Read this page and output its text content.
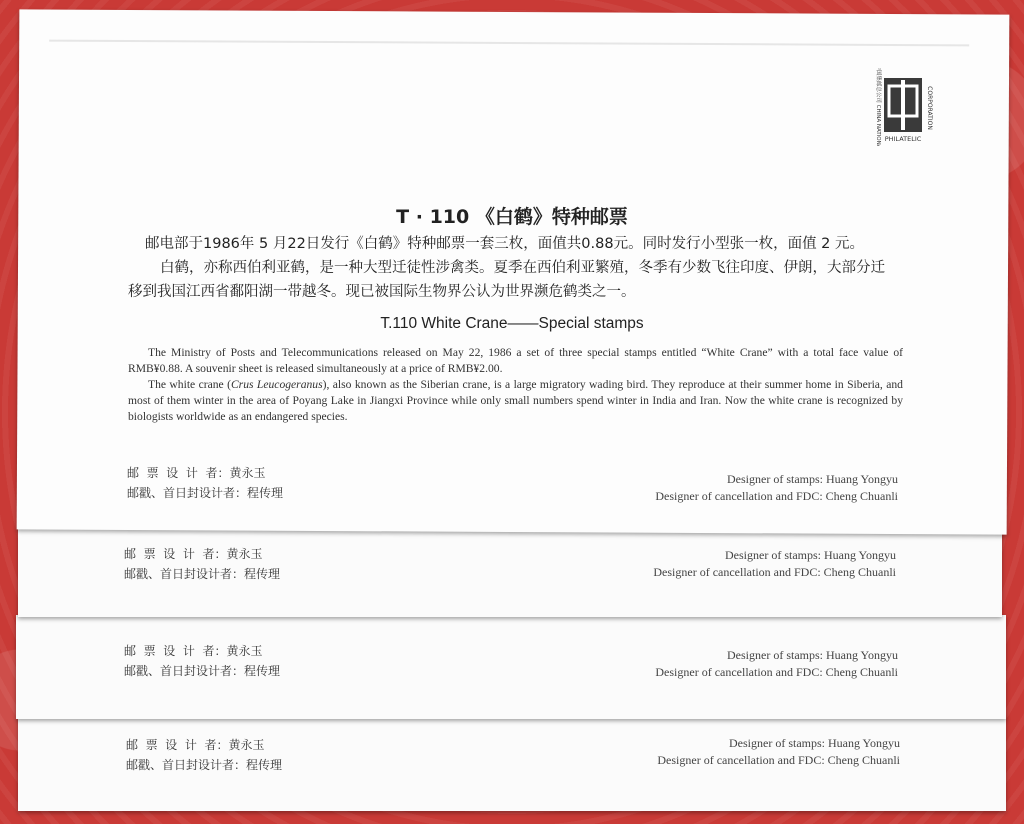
邮  票  设  计  者：黄永玉
邮戳、首日封设计者：程传理
Designer of stamps: Huang Yongyu
Designer of cancellation and FDC: Cheng Chuanli
邮  票  设  计  者：黄永玉
邮戳、首日封设计者：程传理
Designer of stamps: Huang Yongyu
Designer of cancellation and FDC: Cheng Chuanli
邮  票  设  计  者：黄永玉
邮戳、首日封设计者：程传理
Designer of stamps: Huang Yongyu
Designer of cancellation and FDC: Cheng Chuanli
中国集邮总公司 CHINA NATIONAL	CORPORATION
PHILATELIC
T · 110 《白鹤》特种邮票

邮电部于1986年 5 月22日发行《白鹤》特种邮票一套三枚，面值共0.88元。同时发行小型张一枚，面值 2 元。

白鹤，亦称西伯利亚鹤，是一种大型迁徒性涉禽类。夏季在西伯利亚繁殖，冬季有少数飞往印度、伊朗，大部分迁

移到我国江西省鄱阳湖一带越冬。现已被国际生物界公认为世界濒危鹤类之一。

T.110 White Crane——Special stamps

The Ministry of Posts and Telecommunications released on May 22, 1986 a set of three special stamps entitled “White Crane” with a total face value of RMB¥0.88. A souvenir sheet is released simultaneously at a price of RMB¥2.00.

The white crane (Crus Leucogeranus), also known as the Siberian crane, is a large migratory wading bird. They reproduce at their summer home in Siberia, and most of them winter in the area of Poyang Lake in Jiangxi Province while only small numbers spend winter in India and Iran. Now the white crane is recognized by biologists worldwide as an endangered species.

邮  票  设  计  者：黄永玉
邮戳、首日封设计者：程传理
Designer of stamps: Huang Yongyu
Designer of cancellation and FDC: Cheng Chuanli
